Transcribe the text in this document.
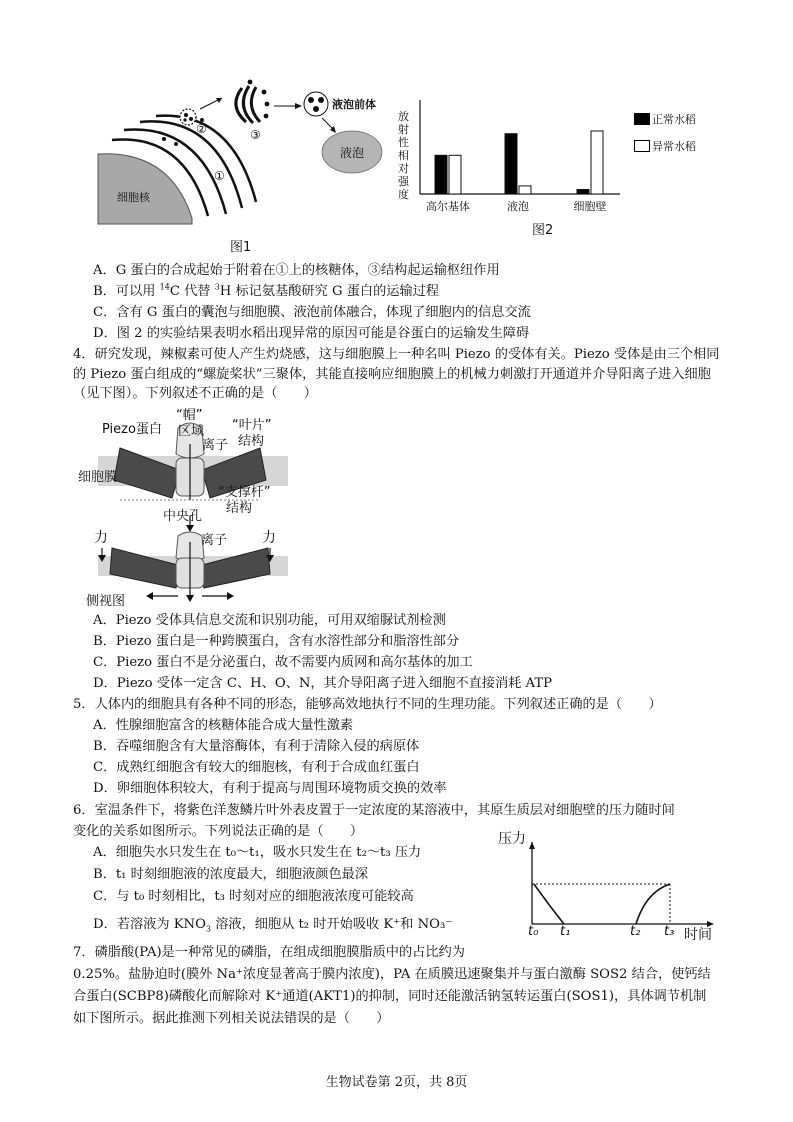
细胞核
液泡前体
液泡
①
②	③
图1
放射性相对强度
高尔基体	液泡	细胞壁
正常水稻
异常水稻
图2
A．G 蛋白的合成起始于附着在①上的核糖体，③结构起运输枢纽作用
B．可以用 $^{14}$C 代替 $^3$H 标记氨基酸研究 G 蛋白的运输过程
C．含有 G 蛋白的囊泡与细胞膜、液泡前体融合，体现了细胞内的信息交流
D．图 2 的实验结果表明水稻出现异常的原因可能是谷蛋白的运输发生障碍
4．研究发现，辣椒素可使人产生灼烧感，这与细胞膜上一种名叫 Piezo 的受体有关。Piezo 受体是由三个相同的 Piezo 蛋白组成的“螺旋桨状”三聚体，其能直接响应细胞膜上的机械力刺激打开通道并介导阳离子进入细胞（见下图）。下列叙述不正确的是（　　）
Piezo蛋白
“帽”
区域
离子
“叶片”
结构
细胞膜
“支撑杆”
结构
中央孔
离子
力	力
侧视图
A．Piezo 受体具信息交流和识别功能，可用双缩脲试剂检测
B．Piezo 蛋白是一种跨膜蛋白，含有水溶性部分和脂溶性部分
C．Piezo 蛋白不是分泌蛋白，故不需要内质网和高尔基体的加工
D．Piezo 受体一定含 C、H、O、N，其介导阳离子进入细胞不直接消耗 ATP
5．人体内的细胞具有各种不同的形态，能够高效地执行不同的生理功能。下列叙述正确的是（　　）
A．性腺细胞富含的核糖体能合成大量性激素
B．吞噬细胞含有大量溶酶体，有利于清除入侵的病原体
C．成熟红细胞含有较大的细胞核，有利于合成血红蛋白
D．卵细胞体积较大，有利于提高与周围环境物质交换的效率
6．室温条件下，将紫色洋葱鳞片叶外表皮置于一定浓度的某溶液中，其原生质层对细胞壁的压力随时间
变化的关系如图所示。下列说法正确的是（　　）
A．细胞失水只发生在 t₀～t₁，吸水只发生在 t₂～t₃ 压力
B．t₁ 时刻细胞液的浓度最大，细胞液颜色最深
C．与 t₀ 时刻相比，t₃ 时刻对应的细胞液浓度可能较高
D．若溶液为 $KNO_3$ 溶液，细胞从 t₂ 时开始吸收 K⁺和 NO₃⁻
压力
t₀ t₁	t₂ t₃ 时间
7．磷脂酸(PA)是一种常见的磷脂，在组成细胞膜脂质中的占比约为
0.25%。盐胁迫时(膜外 Na⁺浓度显著高于膜内浓度)，PA 在质膜迅速聚集并与蛋白激酶 SOS2 结合，使钙结
合蛋白(SCBP8)磷酸化而解除对 K⁺通道(AKT1)的抑制，同时还能激活钠氢转运蛋白(SOS1)，具体调节机制
如下图所示。据此推测下列相关说法错误的是（　　）
生物试卷第 2页，共 8页
